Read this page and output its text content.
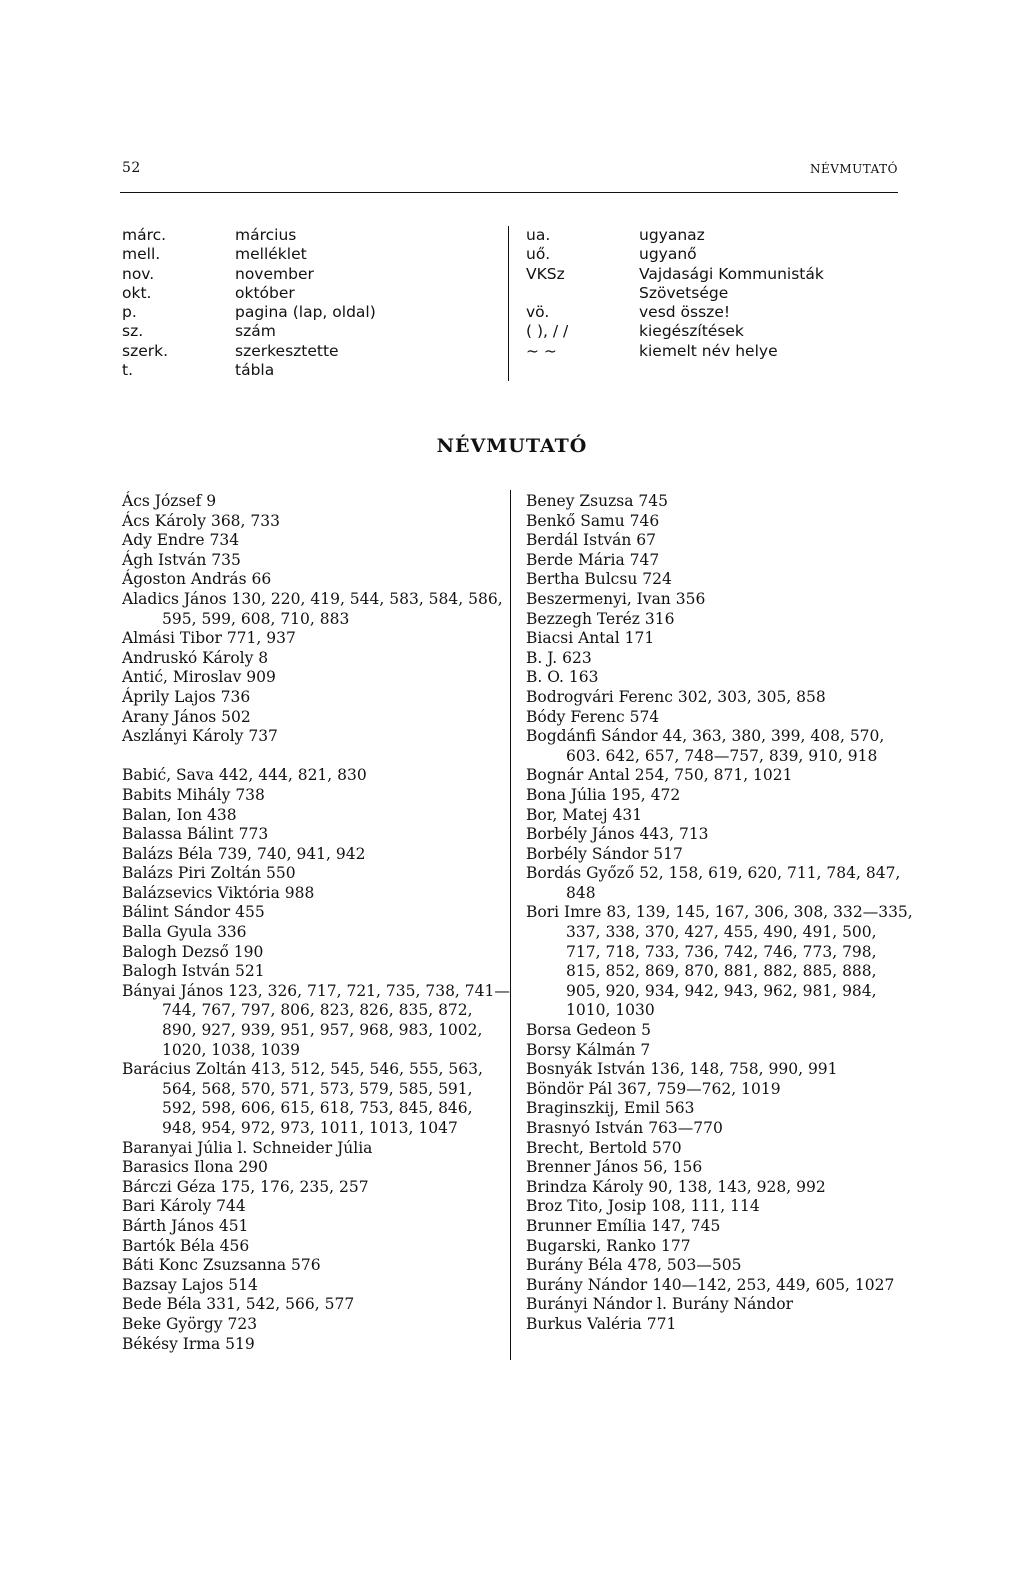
52	NÉVMUTATÓ
márc.	március
mell.	melléklet
nov.	november
okt.	október
p.	pagina (lap, oldal)
sz.	szám
szerk.	szerkesztette
t.	tábla
ua.	ugyanaz
uő.	ugyanő
VKSz	Vajdasági Kommunisták
Szövetsége
vö.	vesd össze!
( ), / /	kiegészítések
~ ~	kiemelt név helye
NÉVMUTATÓ

Ács József 9

Ács Károly 368, 733

Ady Endre 734

Ágh István 735

Ágoston András 66

Aladics János 130, 220, 419, 544, 583, 584, 586, 595, 599, 608, 710, 883

Almási Tibor 771, 937

Andruskó Károly 8

Antić, Miroslav 909

Áprily Lajos 736

Arany János 502

Aszlányi Károly 737

Babić, Sava 442, 444, 821, 830

Babits Mihály 738

Balan, Ion 438

Balassa Bálint 773

Balázs Béla 739, 740, 941, 942

Balázs Piri Zoltán 550

Balázsevics Viktória 988

Bálint Sándor 455

Balla Gyula 336

Balogh Dezső 190

Balogh István 521

Bányai János 123, 326, 717, 721, 735, 738, 741—744, 767, 797, 806, 823, 826, 835, 872, 890, 927, 939, 951, 957, 968, 983, 1002, 1020, 1038, 1039

Barácius Zoltán 413, 512, 545, 546, 555, 563, 564, 568, 570, 571, 573, 579, 585, 591, 592, 598, 606, 615, 618, 753, 845, 846, 948, 954, 972, 973, 1011, 1013, 1047

Baranyai Júlia l. Schneider Júlia

Barasics Ilona 290

Bárczi Géza 175, 176, 235, 257

Bari Károly 744

Bárth János 451

Bartók Béla 456

Báti Konc Zsuzsanna 576

Bazsay Lajos 514

Bede Béla 331, 542, 566, 577

Beke György 723

Békésy Irma 519

Beney Zsuzsa 745

Benkő Samu 746

Berdál István 67

Berde Mária 747

Bertha Bulcsu 724

Beszermenyi, Ivan 356

Bezzegh Teréz 316

Biacsi Antal 171

B. J. 623

B. O. 163

Bodrogvári Ferenc 302, 303, 305, 858

Bódy Ferenc 574

Bogdánfi Sándor 44, 363, 380, 399, 408, 570, 603. 642, 657, 748—757, 839, 910, 918

Bognár Antal 254, 750, 871, 1021

Bona Júlia 195, 472

Bor, Matej 431

Borbély János 443, 713

Borbély Sándor 517

Bordás Győző 52, 158, 619, 620, 711, 784, 847, 848

Bori Imre 83, 139, 145, 167, 306, 308, 332—335, 337, 338, 370, 427, 455, 490, 491, 500, 717, 718, 733, 736, 742, 746, 773, 798, 815, 852, 869, 870, 881, 882, 885, 888, 905, 920, 934, 942, 943, 962, 981, 984, 1010, 1030

Borsa Gedeon 5

Borsy Kálmán 7

Bosnyák István 136, 148, 758, 990, 991

Böndör Pál 367, 759—762, 1019

Braginszkij, Emil 563

Brasnyó István 763—770

Brecht, Bertold 570

Brenner János 56, 156

Brindza Károly 90, 138, 143, 928, 992

Broz Tito, Josip 108, 111, 114

Brunner Emília 147, 745

Bugarski, Ranko 177

Burány Béla 478, 503—505

Burány Nándor 140—142, 253, 449, 605, 1027

Burányi Nándor l. Burány Nándor

Burkus Valéria 771
